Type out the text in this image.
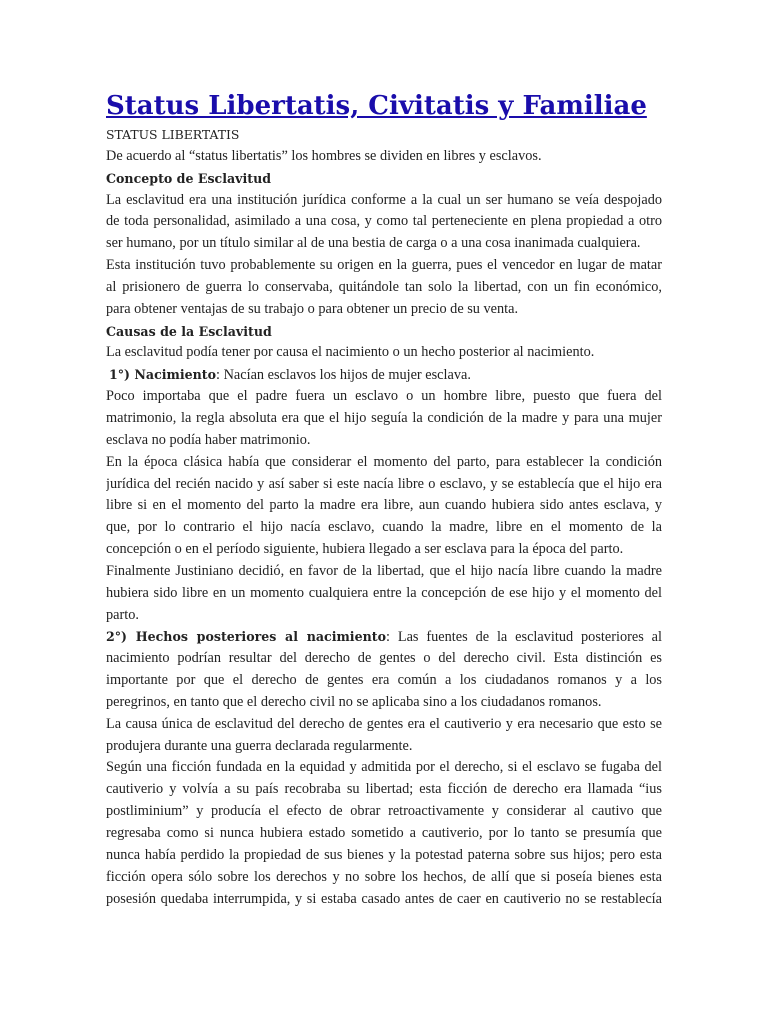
Status Libertatis, Civitatis y Familiae
STATUS LIBERTATIS
De acuerdo al “status libertatis” los hombres se dividen en libres y esclavos.
Concepto de Esclavitud
La esclavitud era una institución jurídica conforme a la cual un ser humano se veía despojado
de toda personalidad, asimilado a una cosa, y como tal perteneciente en plena propiedad a otro
ser humano, por un título similar al de una bestia de carga o a una cosa inanimada cualquiera.
Esta institución tuvo probablemente su origen en la guerra, pues el vencedor en lugar de matar
al prisionero de guerra lo conservaba, quitándole tan solo la libertad, con un fin económico,
para obtener ventajas de su trabajo o para obtener un precio de su venta.
Causas de la Esclavitud
La esclavitud podía tener por causa el nacimiento o un hecho posterior al nacimiento.
1°) Nacimiento: Nacían esclavos los hijos de mujer esclava.
Poco importaba que el padre fuera un esclavo o un hombre libre, puesto que fuera del
matrimonio, la regla absoluta era que el hijo seguía la condición de la madre y para una mujer
esclava no podía haber matrimonio.
En la época clásica había que considerar el momento del parto, para establecer la condición
jurídica del recién nacido y así saber si este nacía libre o esclavo, y se establecía que el hijo era
libre si en el momento del parto la madre era libre, aun cuando hubiera sido antes esclava, y
que, por lo contrario el hijo nacía esclavo, cuando la madre, libre en el momento de la
concepción o en el período siguiente, hubiera llegado a ser esclava para la época del parto.
Finalmente Justiniano decidió, en favor de la libertad, que el hijo nacía libre cuando la madre
hubiera sido libre en un momento cualquiera entre la concepción de ese hijo y el momento del
parto.
2°) Hechos posteriores al nacimiento: Las fuentes de la esclavitud posteriores al
nacimiento podrían resultar del derecho de gentes o del derecho civil. Esta distinción es
importante por que el derecho de gentes era común a los ciudadanos romanos y a los
peregrinos, en tanto que el derecho civil no se aplicaba sino a los ciudadanos romanos.
La causa única de esclavitud del derecho de gentes era el cautiverio y era necesario que esto se
produjera durante una guerra declarada regularmente.
Según una ficción fundada en la equidad y admitida por el derecho, si el esclavo se fugaba del
cautiverio y volvía a su país recobraba su libertad; esta ficción de derecho era llamada “ius
postliminium” y producía el efecto de obrar retroactivamente y considerar al cautivo que
regresaba como si nunca hubiera estado sometido a cautiverio, por lo tanto se presumía que
nunca había perdido la propiedad de sus bienes y la potestad paterna sobre sus hijos; pero esta
ficción opera sólo sobre los derechos y no sobre los hechos, de allí que si poseía bienes esta
posesión quedaba interrumpida, y si estaba casado antes de caer en cautiverio no se restablecía
